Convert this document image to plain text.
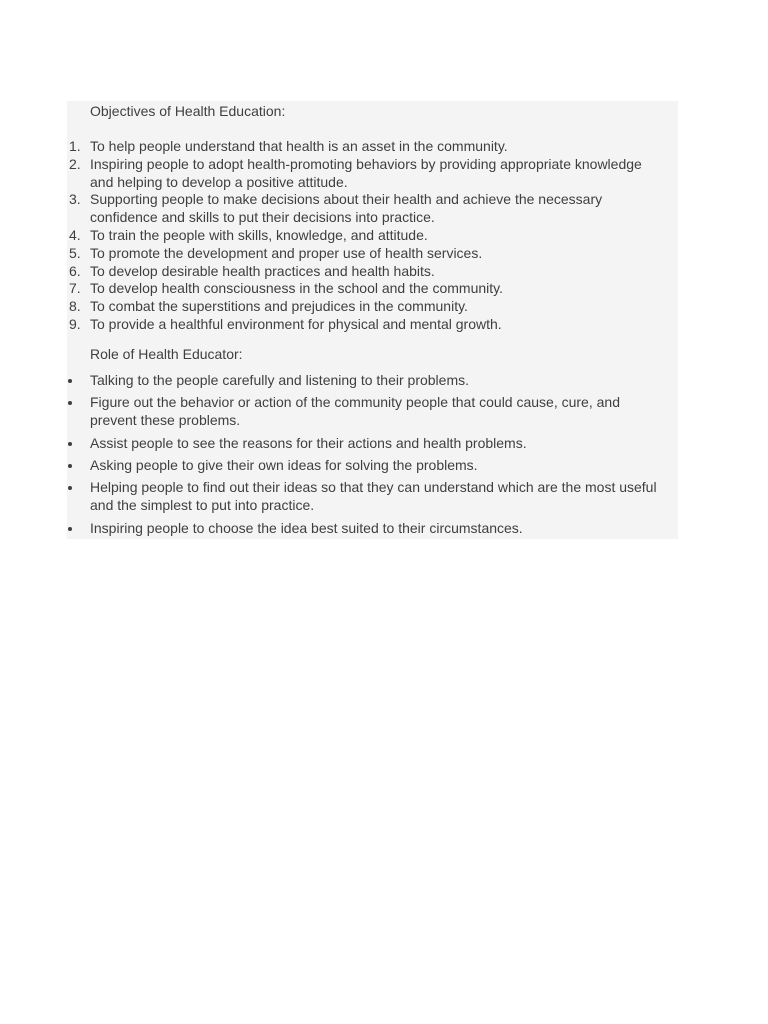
Objectives of Health Education:
1. To help people understand that health is an asset in the community.
2. Inspiring people to adopt health-promoting behaviors by providing appropriate knowledge and helping to develop a positive attitude.
3. Supporting people to make decisions about their health and achieve the necessary confidence and skills to put their decisions into practice.
4. To train the people with skills, knowledge, and attitude.
5. To promote the development and proper use of health services.
6. To develop desirable health practices and health habits.
7. To develop health consciousness in the school and the community.
8. To combat the superstitions and prejudices in the community.
9. To provide a healthful environment for physical and mental growth.
Role of Health Educator:
Talking to the people carefully and listening to their problems.
Figure out the behavior or action of the community people that could cause, cure, and prevent these problems.
Assist people to see the reasons for their actions and health problems.
Asking people to give their own ideas for solving the problems.
Helping people to find out their ideas so that they can understand which are the most useful and the simplest to put into practice.
Inspiring people to choose the idea best suited to their circumstances.
